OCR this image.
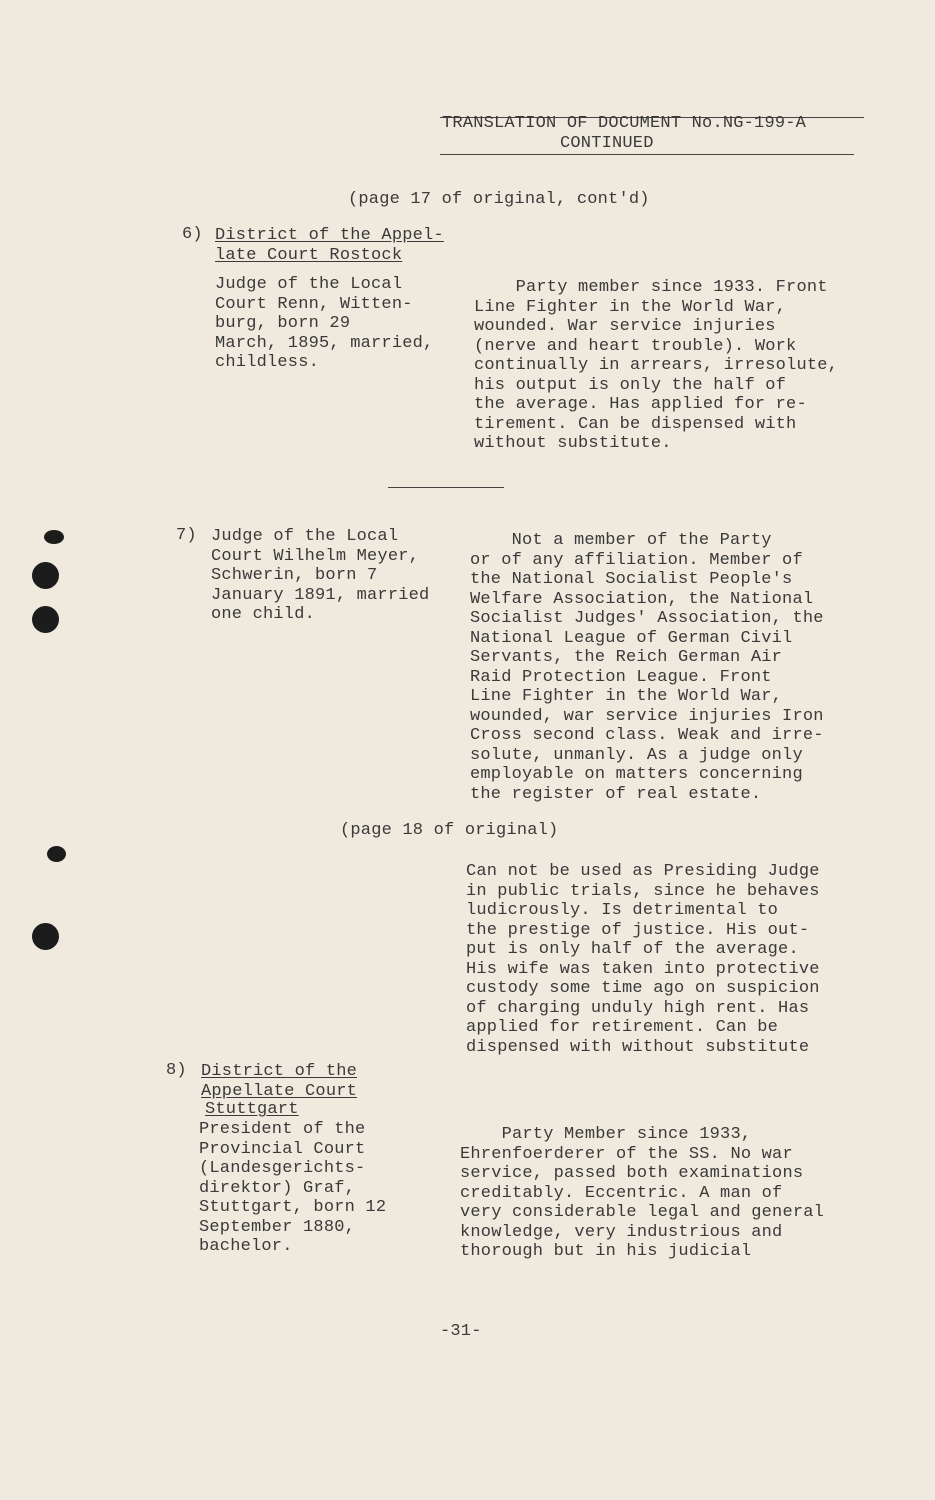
TRANSLATION OF DOCUMENT No.NG-199-A
CONTINUED
(page 17 of original, cont'd)
6) District of the Appel-
late Court Rostock
Judge of the Local
Court Renn, Witten-
burg, born 29
March, 1895, married,
childless.
Party member since 1933. Front
Line Fighter in the World War,
wounded. War service injuries
(nerve and heart trouble). Work
continually in arrears, irresolute,
his output is only the half of
the average. Has applied for re-
tirement. Can be dispensed with
without substitute.
7) Judge of the Local
Court Wilhelm Meyer,
Schwerin, born 7
January 1891, married
one child.
Not a member of the Party
or of any affiliation. Member of
the National Socialist People's
Welfare Association, the National
Socialist Judges' Association, the
National League of German Civil
Servants, the Reich German Air
Raid Protection League. Front
Line Fighter in the World War,
wounded, war service injuries Iron
Cross second class. Weak and irre-
solute, unmanly. As a judge only
employable on matters concerning
the register of real estate.
(page 18 of original)
Can not be used as Presiding Judge
in public trials, since he behaves
ludicrously. Is detrimental to
the prestige of justice. His out-
put is only half of the average.
His wife was taken into protective
custody some time ago on suspicion
of charging unduly high rent. Has
applied for retirement. Can be
dispensed with without substitute
8) District of the
Appellate Court
Stuttgart
President of the
Provincial Court
(Landesgerichts-
direktor) Graf,
Stuttgart, born 12
September 1880,
bachelor.
Party Member since 1933,
Ehrenfoerderer of the SS. No war
service, passed both examinations
creditably. Eccentric. A man of
very considerable legal and general
knowledge, very industrious and
thorough but in his judicial
-31-
